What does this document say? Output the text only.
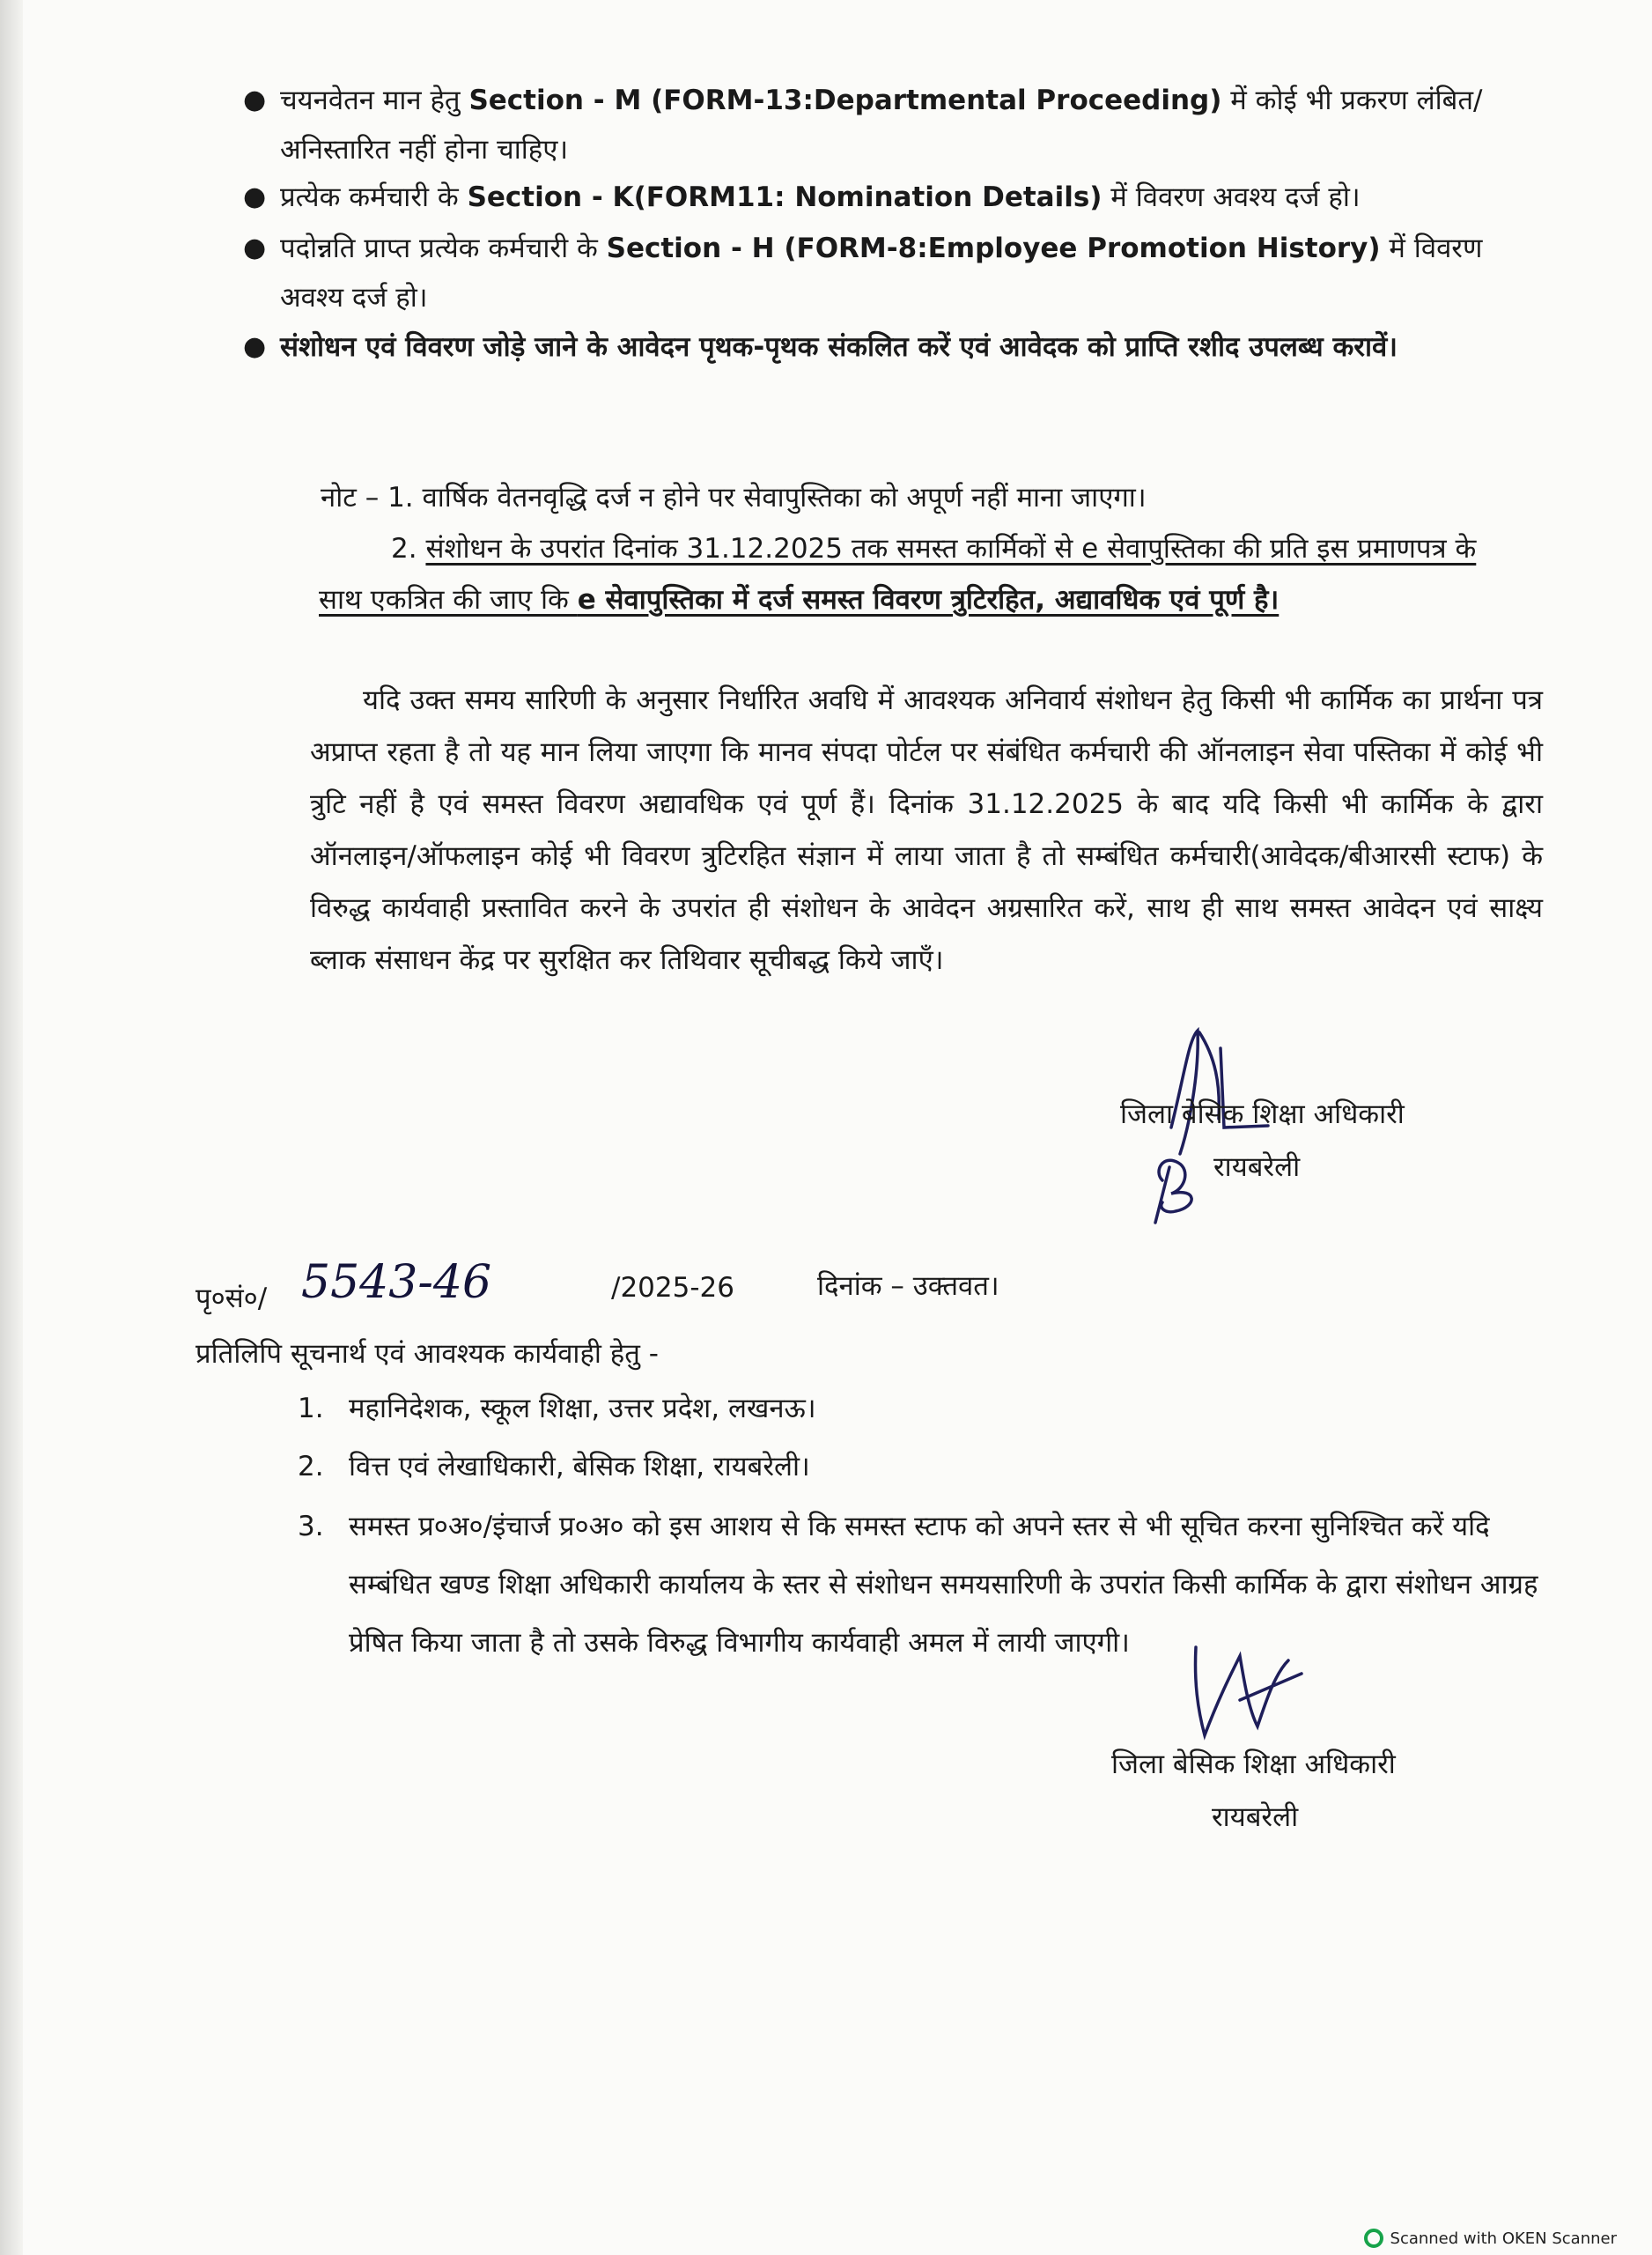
● चयनवेतन मान हेतु Section - M (FORM-13:Departmental Proceeding) में कोई भी प्रकरण लंबित/अनिस्तारित नहीं होना चाहिए।
● प्रत्येक कर्मचारी के Section - K(FORM11: Nomination Details) में विवरण अवश्य दर्ज हो।
● पदोन्नति प्राप्त प्रत्येक कर्मचारी के Section - H (FORM-8:Employee Promotion History) में विवरण अवश्य दर्ज हो।
● संशोधन एवं विवरण जोड़े जाने के आवेदन पृथक-पृथक संकलित करें एवं आवेदक को प्राप्ति रशीद उपलब्ध करावें।
नोट – 1. वार्षिक वेतनवृद्धि दर्ज न होने पर सेवापुस्तिका को अपूर्ण नहीं माना जाएगा।
2. संशोधन के उपरांत दिनांक 31.12.2025 तक समस्त कार्मिकों से e सेवापुस्तिका की प्रति इस प्रमाणपत्र के
साथ एकत्रित की जाए कि e सेवापुस्तिका में दर्ज समस्त विवरण त्रुटिरहित, अद्यावधिक एवं पूर्ण है।
यदि उक्त समय सारिणी के अनुसार निर्धारित अवधि में आवश्यक अनिवार्य संशोधन हेतु किसी भी कार्मिक का प्रार्थना पत्र अप्राप्त रहता है तो यह मान लिया जाएगा कि मानव संपदा पोर्टल पर संबंधित कर्मचारी की ऑनलाइन सेवा पस्तिका में कोई भी त्रुटि नहीं है एवं समस्त विवरण अद्यावधिक एवं पूर्ण हैं। दिनांक 31.12.2025 के बाद यदि किसी भी कार्मिक के द्वारा ऑनलाइन/ऑफलाइन कोई भी विवरण त्रुटिरहित संज्ञान में लाया जाता है तो सम्बंधित कर्मचारी(आवेदक/बीआरसी स्टाफ) के विरुद्ध कार्यवाही प्रस्तावित करने के उपरांत ही संशोधन के आवेदन अग्रसारित करें, साथ ही साथ समस्त आवेदन एवं साक्ष्य ब्लाक संसाधन केंद्र पर सुरक्षित कर तिथिवार सूचीबद्ध किये जाएँ।
जिला बेसिक शिक्षा अधिकारी
रायबरेली
पृ०सं०/ 5543-46	/2025-26	दिनांक – उक्तवत।
प्रतिलिपि सूचनार्थ एवं आवश्यक कार्यवाही हेतु -
1. महानिदेशक, स्कूल शिक्षा, उत्तर प्रदेश, लखनऊ।
2. वित्त एवं लेखाधिकारी, बेसिक शिक्षा, रायबरेली।
3. समस्त प्र०अ०/इंचार्ज प्र०अ० को इस आशय से कि समस्त स्टाफ को अपने स्तर से भी सूचित करना सुनिश्चित करें यदि सम्बंधित खण्ड शिक्षा अधिकारी कार्यालय के स्तर से संशोधन समयसारिणी के उपरांत किसी कार्मिक के द्वारा संशोधन आग्रह प्रेषित किया जाता है तो उसके विरुद्ध विभागीय कार्यवाही अमल में लायी जाएगी।
जिला बेसिक शिक्षा अधिकारी
रायबरेली
Scanned with OKEN Scanner
